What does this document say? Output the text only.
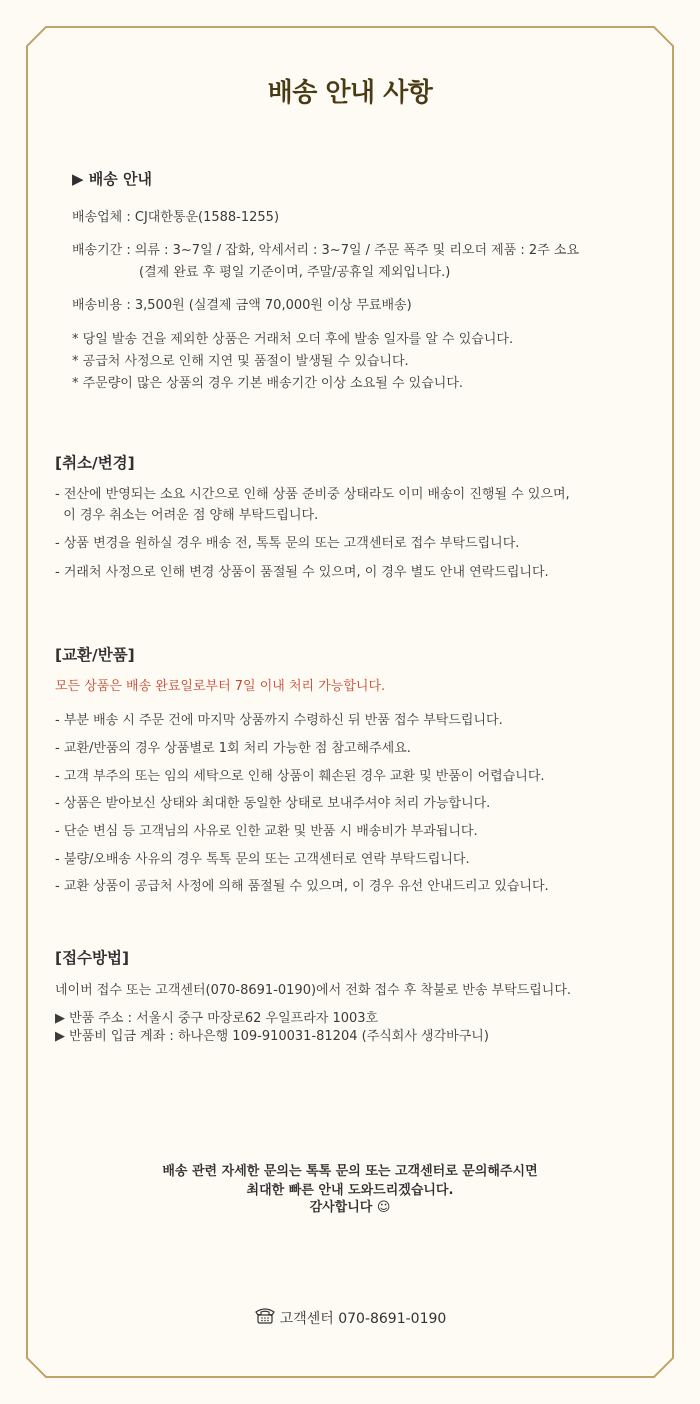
배송 안내 사항
▶ 배송 안내
배송업체 : CJ대한통운(1588-1255)
배송기간 : 의류 : 3~7일 / 잡화, 악세서리 : 3~7일 / 주문 폭주 및 리오더 제품 : 2주 소요
(결제 완료 후 평일 기준이며, 주말/공휴일 제외입니다.)
배송비용 : 3,500원 (실결제 금액 70,000원 이상 무료배송)
* 당일 발송 건을 제외한 상품은 거래처 오더 후에 발송 일자를 알 수 있습니다.
* 공급처 사정으로 인해 지연 및 품절이 발생될 수 있습니다.
* 주문량이 많은 상품의 경우 기본 배송기간 이상 소요될 수 있습니다.
[취소/변경]
- 전산에 반영되는 소요 시간으로 인해 상품 준비중 상태라도 이미 배송이 진행될 수 있으며,
이 경우 취소는 어려운 점 양해 부탁드립니다.
- 상품 변경을 원하실 경우 배송 전, 톡톡 문의 또는 고객센터로 접수 부탁드립니다.
- 거래처 사정으로 인해 변경 상품이 품절될 수 있으며, 이 경우 별도 안내 연락드립니다.
[교환/반품]
모든 상품은 배송 완료일로부터 7일 이내 처리 가능합니다.
- 부분 배송 시 주문 건에 마지막 상품까지 수령하신 뒤 반품 접수 부탁드립니다.
- 교환/반품의 경우 상품별로 1회 처리 가능한 점 참고해주세요.
- 고객 부주의 또는 임의 세탁으로 인해 상품이 훼손된 경우 교환 및 반품이 어렵습니다.
- 상품은 받아보신 상태와 최대한 동일한 상태로 보내주셔야 처리 가능합니다.
- 단순 변심 등 고객님의 사유로 인한 교환 및 반품 시 배송비가 부과됩니다.
- 불량/오배송 사유의 경우 톡톡 문의 또는 고객센터로 연락 부탁드립니다.
- 교환 상품이 공급처 사정에 의해 품절될 수 있으며, 이 경우 유선 안내드리고 있습니다.
[접수방법]
네이버 접수 또는 고객센터(070-8691-0190)에서 전화 접수 후 착불로 반송 부탁드립니다.
▶ 반품 주소 : 서울시 중구 마장로62 우일프라자 1003호
▶ 반품비 입금 계좌 : 하나은행 109-910031-81204 (주식회사 생각바구니)
배송 관련 자세한 문의는 톡톡 문의 또는 고객센터로 문의해주시면
최대한 빠른 안내 도와드리겠습니다.
감사합니다 ☺
고객센터 070-8691-0190
